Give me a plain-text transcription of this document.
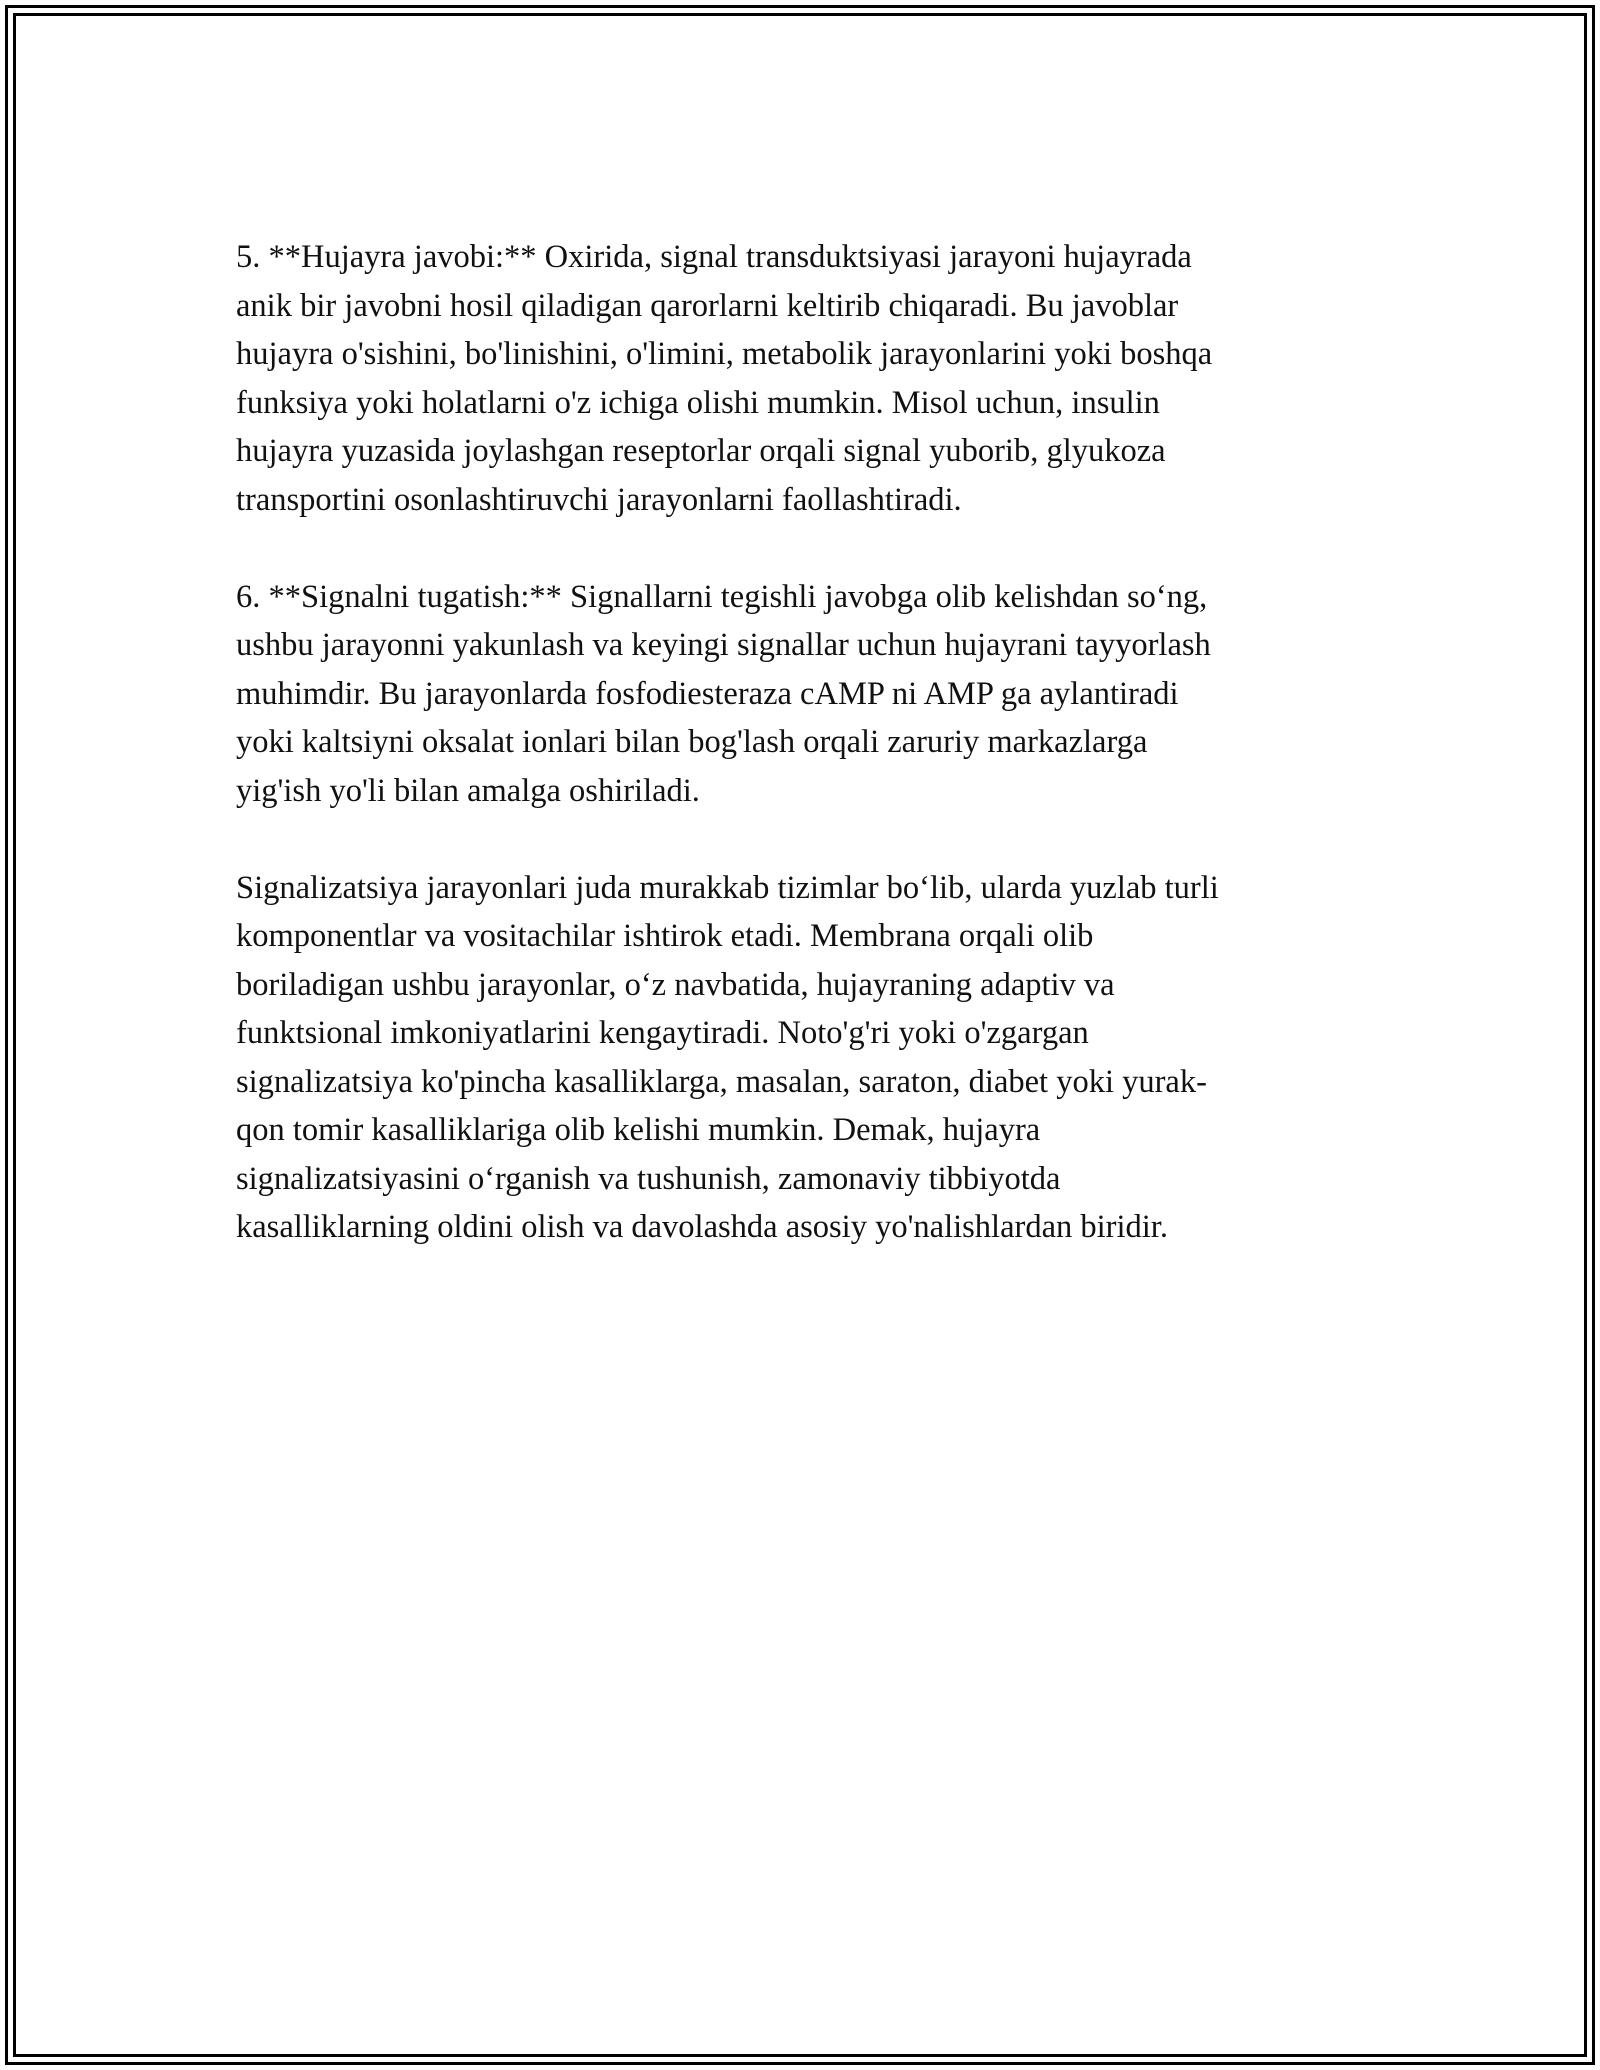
5. **Hujayra javobi:** Oxirida, signal transduktsiyasi jarayoni hujayrada
anik bir javobni hosil qiladigan qarorlarni keltirib chiqaradi. Bu javoblar
hujayra o'sishini, bo'linishini, o'limini, metabolik jarayonlarini yoki boshqa
funksiya yoki holatlarni o'z ichiga olishi mumkin. Misol uchun, insulin
hujayra yuzasida joylashgan reseptorlar orqali signal yuborib, glyukoza
transportini osonlashtiruvchi jarayonlarni faollashtiradi.

6. **Signalni tugatish:** Signallarni tegishli javobga olib kelishdan so‘ng,
ushbu jarayonni yakunlash va keyingi signallar uchun hujayrani tayyorlash
muhimdir. Bu jarayonlarda fosfodiesteraza cAMP ni AMP ga aylantiradi
yoki kaltsiyni oksalat ionlari bilan bog'lash orqali zaruriy markazlarga
yig'ish yo'li bilan amalga oshiriladi.

Signalizatsiya jarayonlari juda murakkab tizimlar bo‘lib, ularda yuzlab turli
komponentlar va vositachilar ishtirok etadi. Membrana orqali olib
boriladigan ushbu jarayonlar, o‘z navbatida, hujayraning adaptiv va
funktsional imkoniyatlarini kengaytiradi. Noto'g'ri yoki o'zgargan
signalizatsiya ko'pincha kasalliklarga, masalan, saraton, diabet yoki yurak-
qon tomir kasalliklariga olib kelishi mumkin. Demak, hujayra
signalizatsiyasini o‘rganish va tushunish, zamonaviy tibbiyotda
kasalliklarning oldini olish va davolashda asosiy yo'nalishlardan biridir.
